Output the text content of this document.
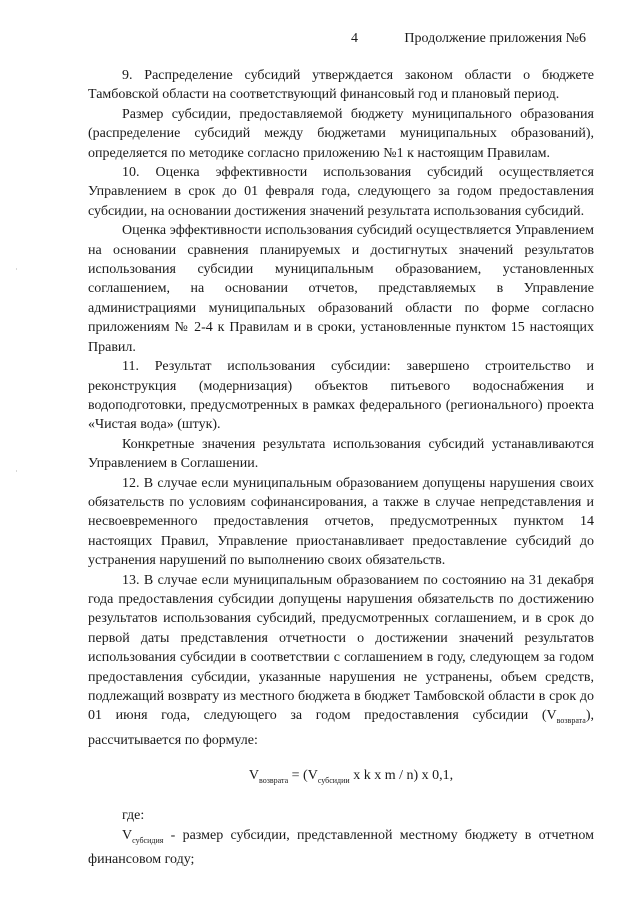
4	Продолжение приложения №6

9. Распределение субсидий утверждается законом области о бюджете Тамбовской области на соответствующий финансовый год и плановый период.

Размер субсидии, предоставляемой бюджету муниципального образования (распределение субсидий между бюджетами муниципальных образований), определяется по методике согласно приложению №1 к настоящим Правилам.

10. Оценка эффективности использования субсидий осуществляется Управлением в срок до 01 февраля года, следующего за годом предоставления субсидии, на основании достижения значений результата использования субсидий.

Оценка эффективности использования субсидий осуществляется Управлением на основании сравнения планируемых и достигнутых значений результатов использования субсидии муниципальным образованием, установленных соглашением, на основании отчетов, представляемых в Управление администрациями муниципальных образований области по форме согласно приложениям № 2-4 к Правилам и в сроки, установленные пунктом 15 настоящих Правил.

11. Результат использования субсидии: завершено строительство и реконструкция (модернизация) объектов питьевого водоснабжения и водоподготовки, предусмотренных в рамках федерального (регионального) проекта «Чистая вода» (штук).

Конкретные значения результата использования субсидий устанавливаются Управлением в Соглашении.

12. В случае если муниципальным образованием допущены нарушения своих обязательств по условиям софинансирования, а также в случае непредставления и несвоевременного предоставления отчетов, предусмотренных пунктом 14 настоящих Правил, Управление приостанавливает предоставление субсидий до устранения нарушений по выполнению своих обязательств.

13. В случае если муниципальным образованием по состоянию на 31 декабря года предоставления субсидии допущены нарушения обязательств по достижению результатов использования субсидий, предусмотренных соглашением, и в срок до первой даты представления отчетности о достижении значений результатов использования субсидии в соответствии с соглашением в году, следующем за годом предоставления субсидии, указанные нарушения не устранены, объем средств, подлежащий возврату из местного бюджета в бюджет Тамбовской области в срок до 01 июня года, следующего за годом предоставления субсидии $(V_{возврата})$, рассчитывается по формуле:

$V_{возврата} = (V_{субсидии}$ x k x m / n) x 0,1,

где:

$V_{субсидия}$ - размер субсидии, представленной местному бюджету в отчетном финансовом году;
